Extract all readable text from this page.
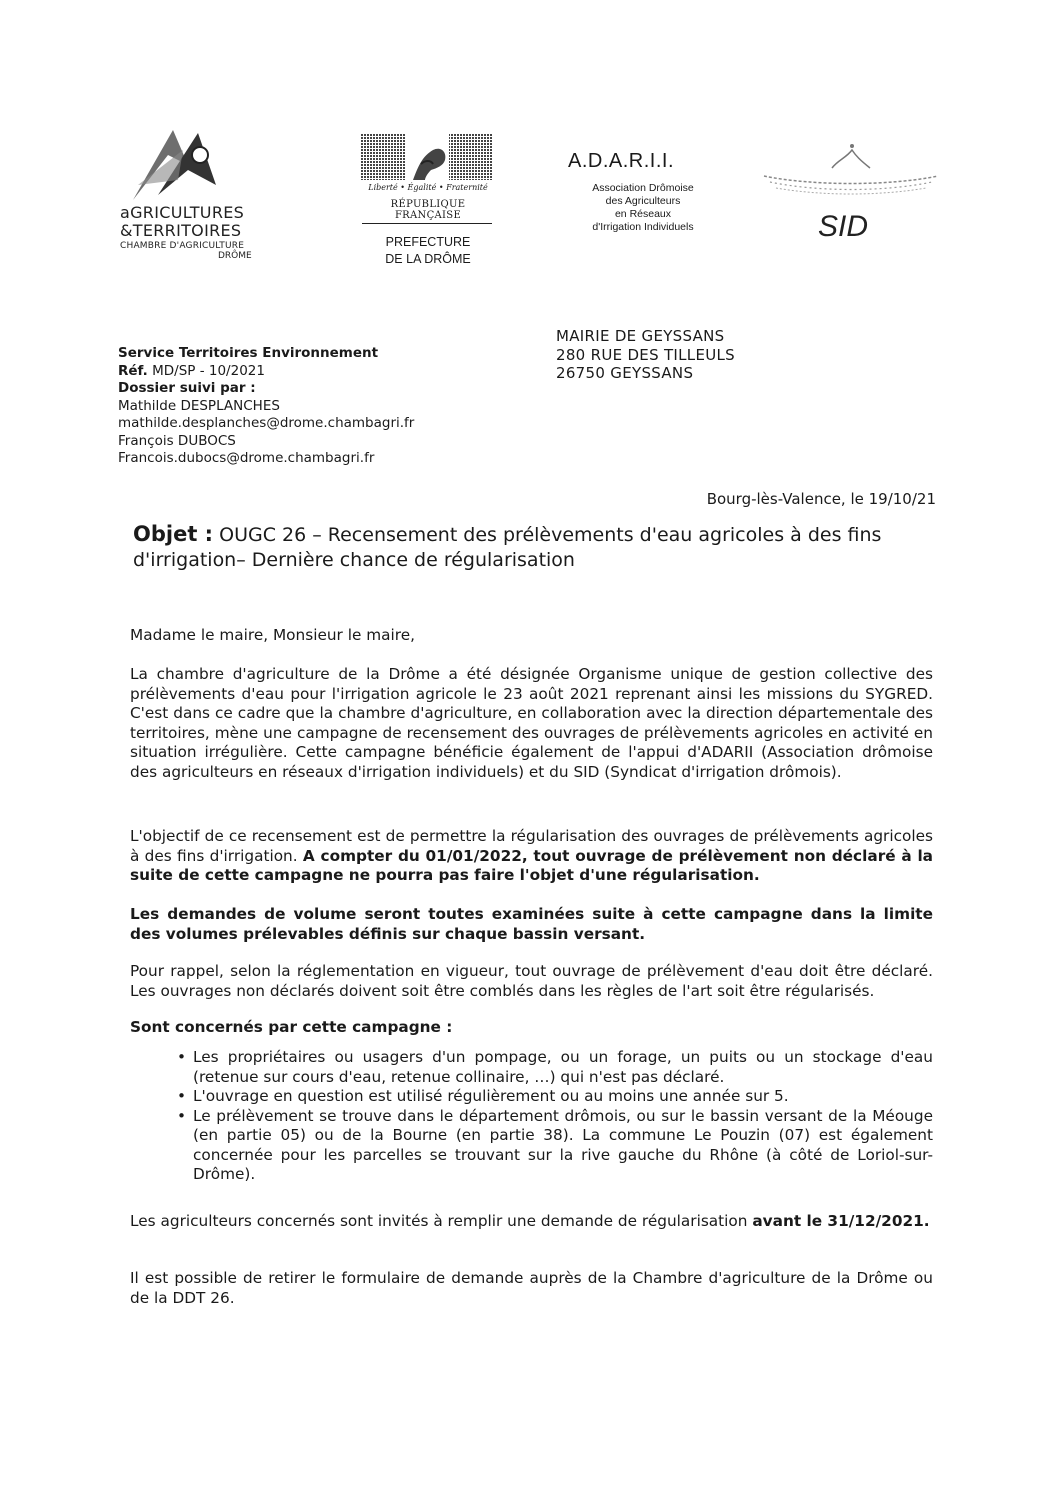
aGRICULTURES
&TERRITOIRES
CHAMBRE D'AGRICULTURE
DRÔME
Liberté • Égalité • Fraternité
RÉPUBLIQUE FRANÇAISE
PREFECTURE
DE LA DRÔME
A.D.A.R.I.I.
Association Drômoise
des Agriculteurs
en Réseaux
d'Irrigation Individuels	SID
Service Territoires Environnement
Réf. MD/SP - 10/2021
Dossier suivi par :
Mathilde DESPLANCHES
mathilde.desplanches@drome.chambagri.fr
François DUBOCS
Francois.dubocs@drome.chambagri.fr
MAIRIE DE GEYSSANS
280 RUE DES TILLEULS
26750 GEYSSANS
Bourg-lès-Valence, le 19/10/21
Objet : OUGC 26 – Recensement des prélèvements d'eau agricoles à des fins d'irrigation– Dernière chance de régularisation
Madame le maire, Monsieur le maire,
La chambre d'agriculture de la Drôme a été désignée Organisme unique de gestion collective des prélèvements d'eau pour l'irrigation agricole le 23 août 2021 reprenant ainsi les missions du SYGRED. C'est dans ce cadre que la chambre d'agriculture, en collaboration avec la direction départementale des territoires, mène une campagne de recensement des ouvrages de prélèvements agricoles en activité en situation irrégulière. Cette campagne bénéficie également de l'appui d'ADARII (Association drômoise des agriculteurs en réseaux d'irrigation individuels) et du SID (Syndicat d'irrigation drômois).
L'objectif de ce recensement est de permettre la régularisation des ouvrages de prélèvements agricoles à des fins d'irrigation. A compter du 01/01/2022, tout ouvrage de prélèvement non déclaré à la suite de cette campagne ne pourra pas faire l'objet d'une régularisation.
Les demandes de volume seront toutes examinées suite à cette campagne dans la limite des volumes prélevables définis sur chaque bassin versant.
Pour rappel, selon la réglementation en vigueur, tout ouvrage de prélèvement d'eau doit être déclaré. Les ouvrages non déclarés doivent soit être comblés dans les règles de l'art soit être régularisés.
Sont concernés par cette campagne :
• Les propriétaires ou usagers d'un pompage, ou un forage, un puits ou un stockage d'eau (retenue sur cours d'eau, retenue collinaire, …) qui n'est pas déclaré.
• L'ouvrage en question est utilisé régulièrement ou au moins une année sur 5.
• Le prélèvement se trouve dans le département drômois, ou sur le bassin versant de la Méouge (en partie 05) ou de la Bourne (en partie 38). La commune Le Pouzin (07) est également concernée pour les parcelles se trouvant sur la rive gauche du Rhône (à côté de Loriol-sur-Drôme).
Les agriculteurs concernés sont invités à remplir une demande de régularisation avant le 31/12/2021.
Il est possible de retirer le formulaire de demande auprès de la Chambre d'agriculture de la Drôme ou de la DDT 26.
